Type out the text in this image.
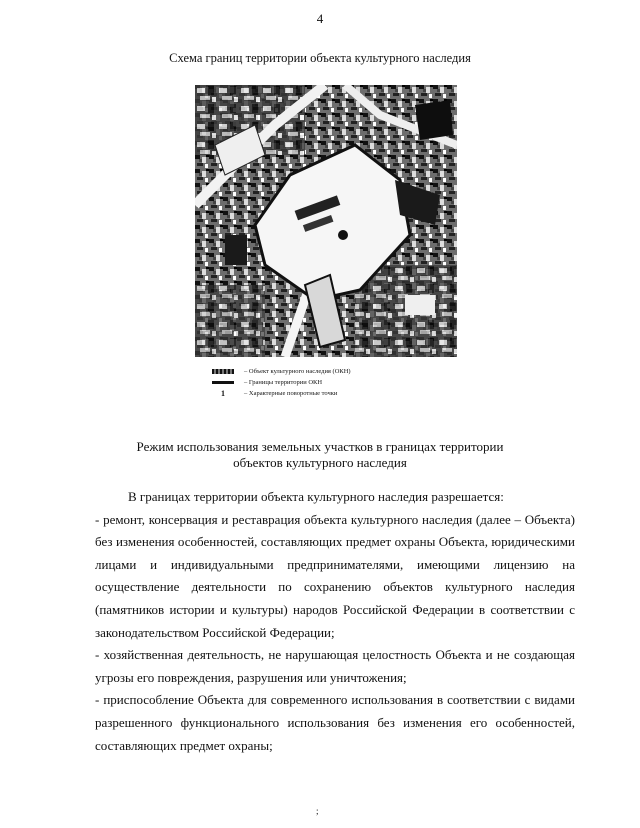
4
Схема границ территории объекта культурного наследия
– Объект культурного наследия (ОКН)
– Границы территории ОКН
1	– Характерные поворотные точки
Режим использования земельных участков в границах территории
объектов культурного наследия

В границах территории объекта культурного наследия разрешается:

- ремонт, консервация и реставрация объекта культурного наследия (далее – Объекта) без изменения особенностей, составляющих предмет охраны Объекта, юридическими лицами и индивидуальными предпринимателями, имеющими лицензию на осуществление деятельности по сохранению объектов культурного наследия (памятников истории и культуры) народов Российской Федерации в соответствии с законодательством Российской Федерации;

- хозяйственная деятельность, не нарушающая целостность Объекта и не создающая угрозы его повреждения, разрушения или уничтожения;

- приспособление Объекта для современного использования в соответствии с видами разрешенного функционального использования без изменения его особенностей, составляющих предмет охраны;

;
